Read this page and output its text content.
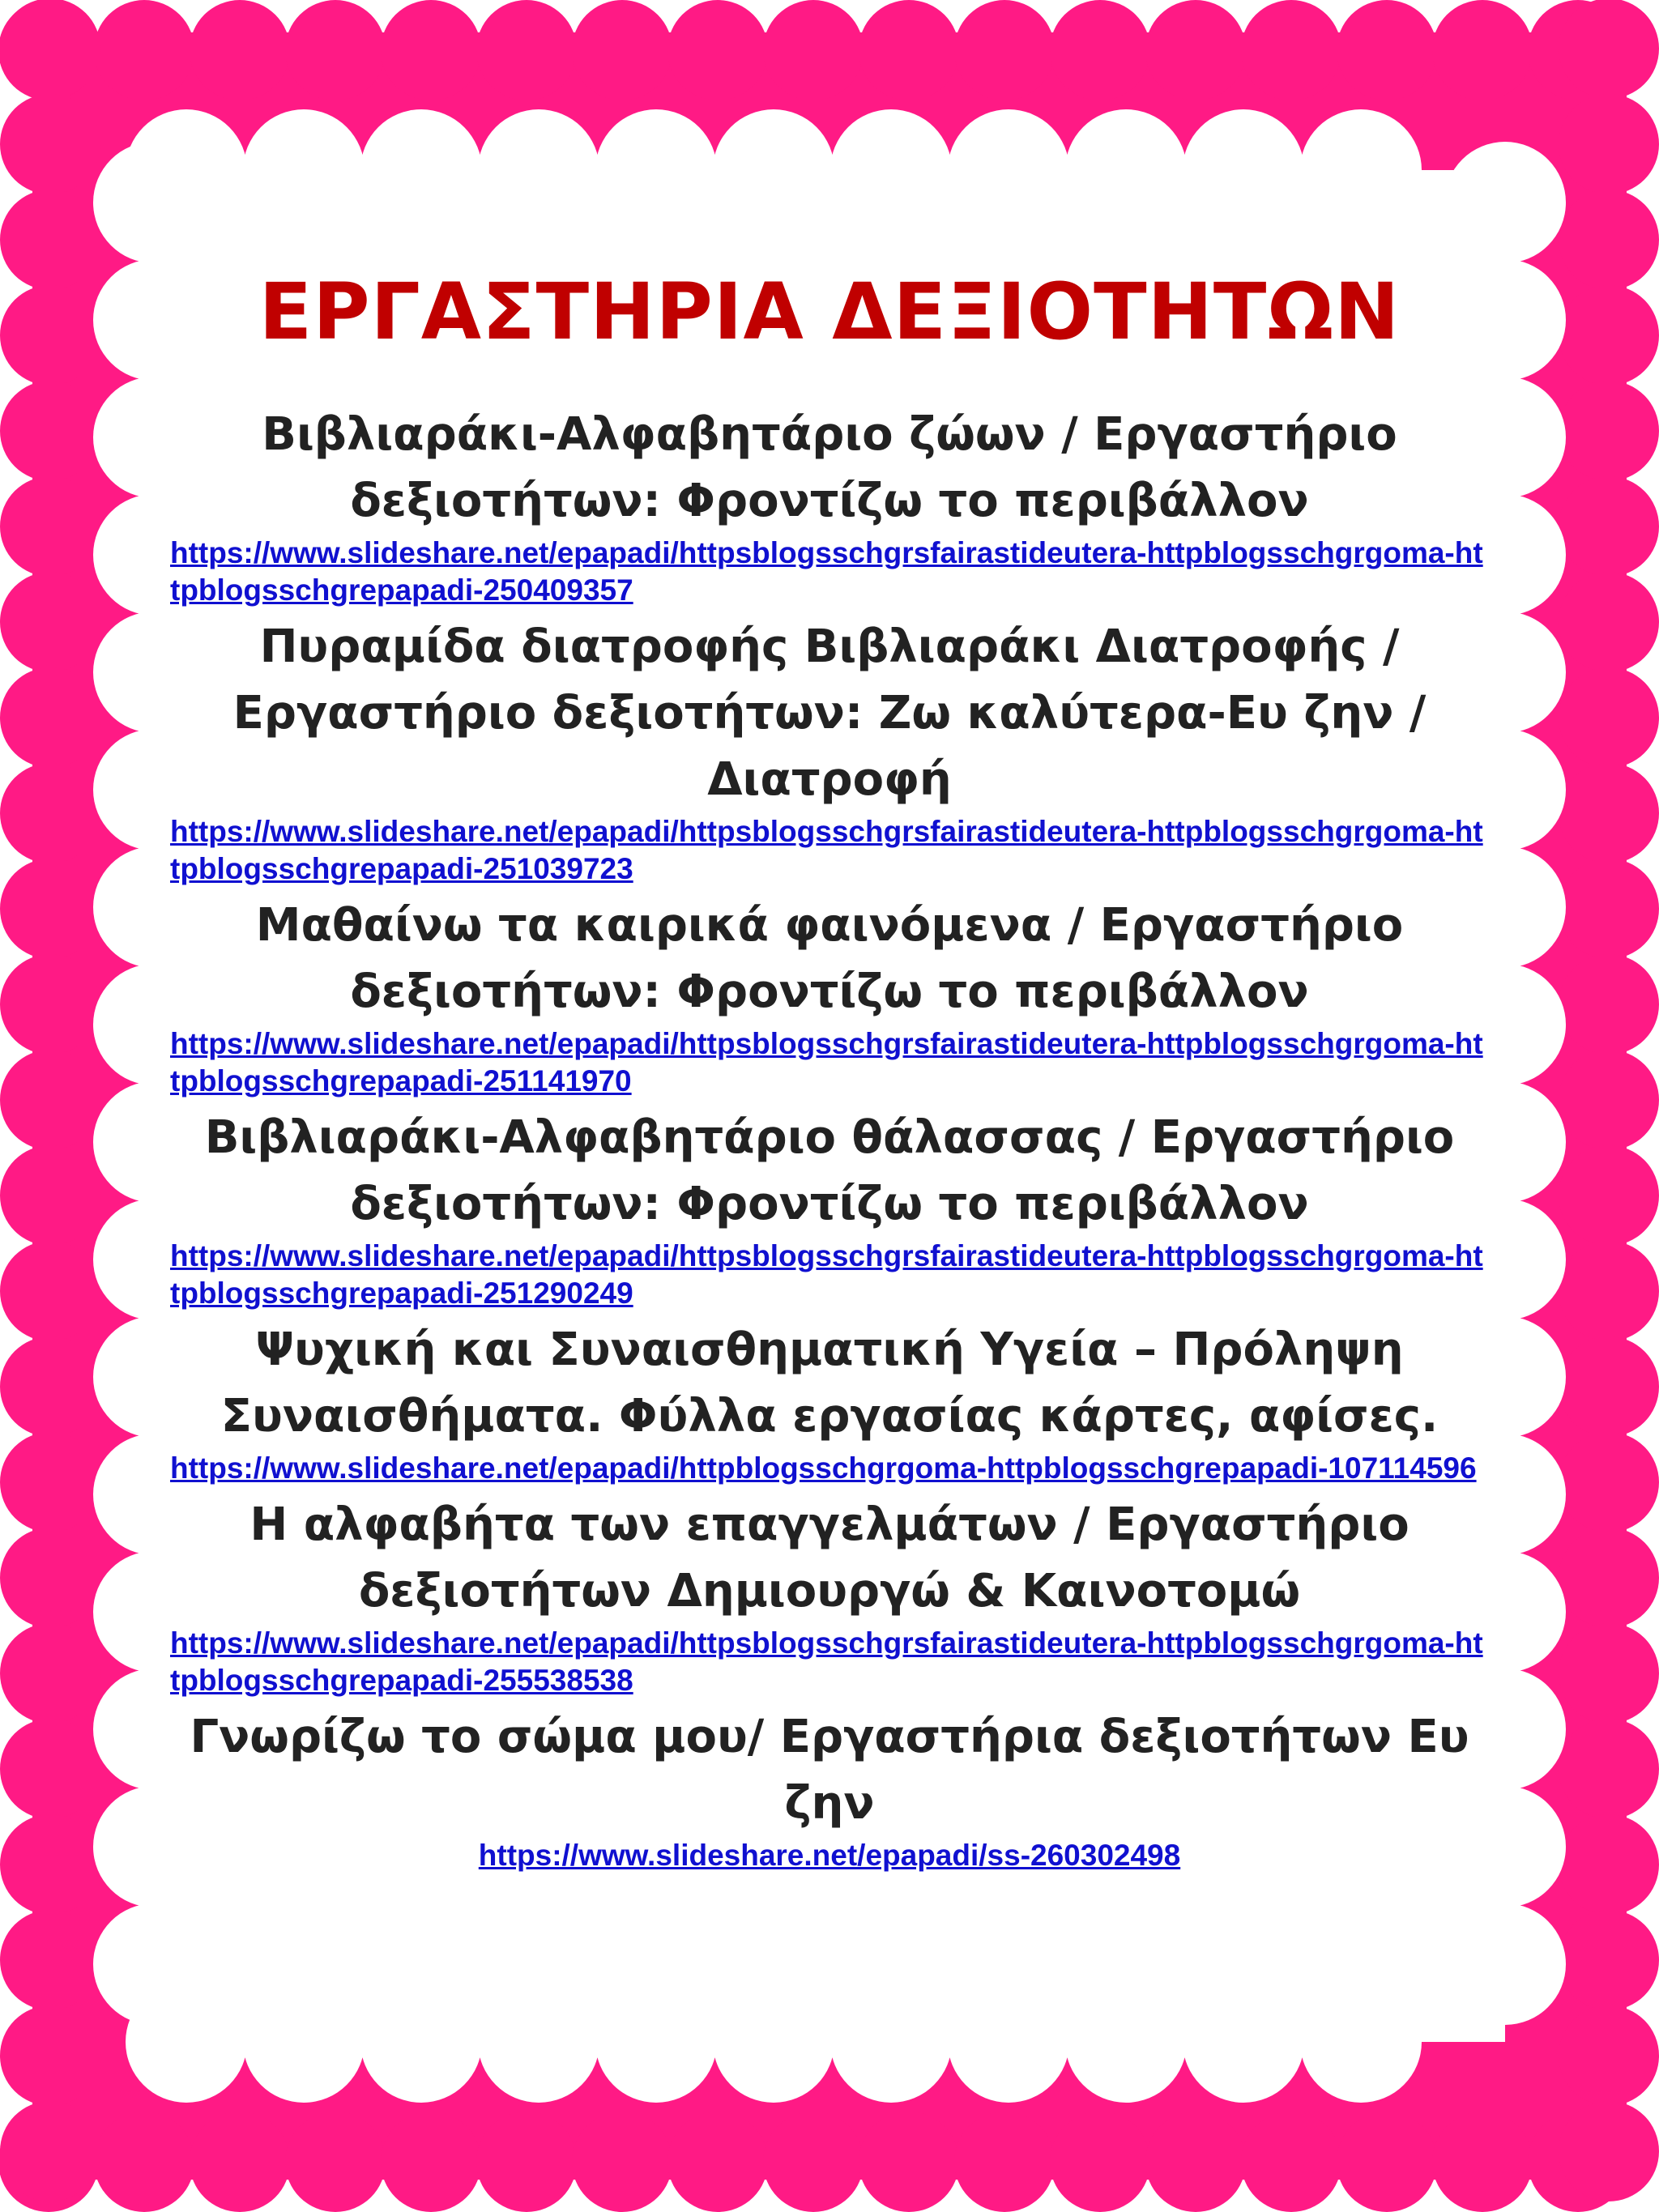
ΕΡΓΑΣΤΗΡΙΑ ΔΕΞΙΟΤΗΤΩΝ

Βιβλιαράκι-Αλφαβητάριο ζώων / Εργαστήριο δεξιοτήτων: Φροντίζω το περιβάλλον

https://www.slideshare.net/epapadi/httpsblogsschgrsfairastideutera-httpblogsschgrgoma-httpblogsschgrepapadi-250409357

Πυραμίδα διατροφής Βιβλιαράκι Διατροφής / Εργαστήριο δεξιοτήτων: Ζω καλύτερα-Ευ ζην / Διατροφή

https://www.slideshare.net/epapadi/httpsblogsschgrsfairastideutera-httpblogsschgrgoma-httpblogsschgrepapadi-251039723

Μαθαίνω τα καιρικά φαινόμενα / Εργαστήριο δεξιοτήτων: Φροντίζω το περιβάλλον

https://www.slideshare.net/epapadi/httpsblogsschgrsfairastideutera-httpblogsschgrgoma-httpblogsschgrepapadi-251141970

Βιβλιαράκι-Αλφαβητάριο θάλασσας / Εργαστήριο δεξιοτήτων: Φροντίζω το περιβάλλον

https://www.slideshare.net/epapadi/httpsblogsschgrsfairastideutera-httpblogsschgrgoma-httpblogsschgrepapadi-251290249

Ψυχική και Συναισθηματική Υγεία – Πρόληψη Συναισθήματα. Φύλλα εργασίας κάρτες, αφίσες.

https://www.slideshare.net/epapadi/httpblogsschgrgoma-httpblogsschgrepapadi-107114596

Η αλφαβήτα των επαγγελμάτων / Εργαστήριο δεξιοτήτων Δημιουργώ & Καινοτομώ

https://www.slideshare.net/epapadi/httpsblogsschgrsfairastideutera-httpblogsschgrgoma-httpblogsschgrepapadi-255538538

Γνωρίζω το σώμα μου/ Εργαστήρια δεξιοτήτων Ευ ζην

https://www.slideshare.net/epapadi/ss-260302498
